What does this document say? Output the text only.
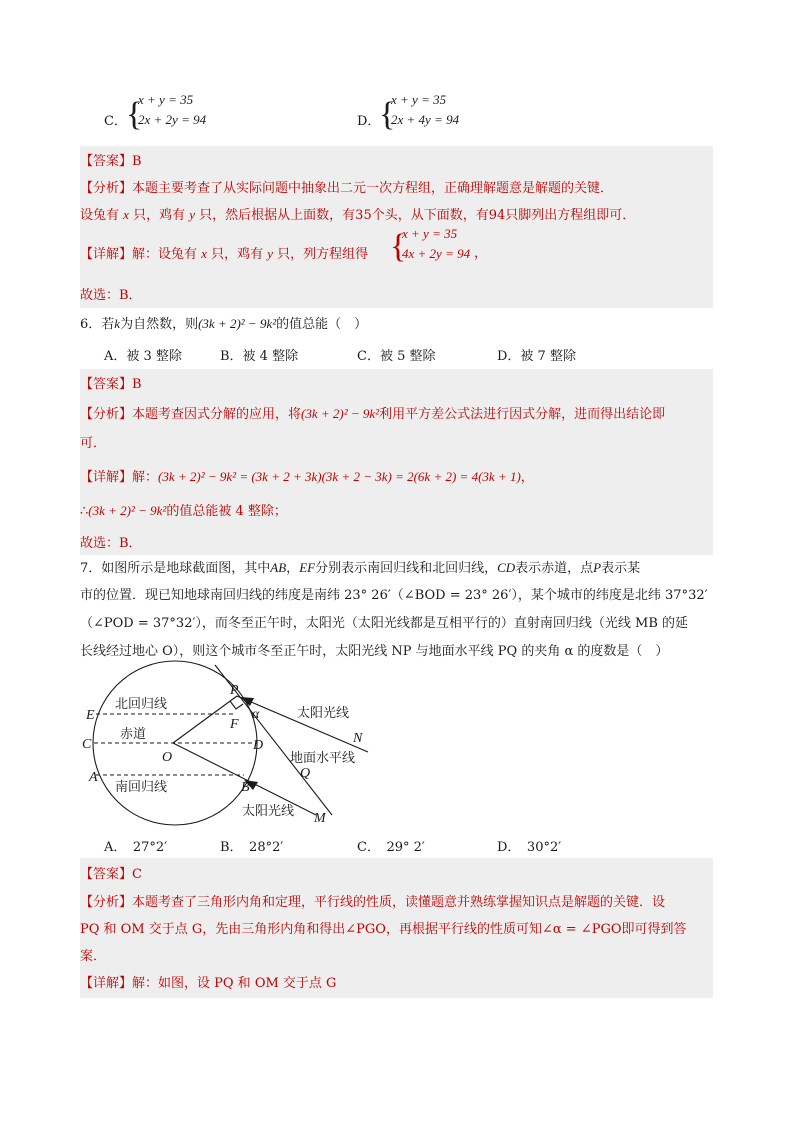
C． {
x + y = 35
2x + 2y = 94	D．
{
x + y = 35
2x + 4y = 94
【答案】B
【分析】本题主要考查了从实际问题中抽象出二元一次方程组，正确理解题意是解题的关键．
设兔有 x 只，鸡有 y 只，然后根据从上面数，有35个头，从下面数，有94只脚列出方程组即可．
【详解】解：设兔有 x 只，鸡有 y 只，列方程组得 {
x + y = 35
4x + 2y = 94 ，
故选：B．
6．若k为自然数，则(3k + 2)² − 9k²的值总能（　）
A．被 3 整除	B．被 4 整除	C．被 5 整除	D．被 7 整除
【答案】B
【分析】本题考查因式分解的应用，将(3k + 2)² − 9k²利用平方差公式法进行因式分解，进而得出结论即
可．
【详解】解：(3k + 2)² − 9k² = (3k + 2 + 3k)(3k + 2 − 3k) = 2(6k + 2) = 4(3k + 1)，
∴(3k + 2)² − 9k²的值总能被 4 整除；
故选：B．
7．如图所示是地球截面图，其中AB，EF分别表示南回归线和北回归线，CD表示赤道，点P表示某
市的位置．现已知地球南回归线的纬度是南纬 23° 26′（∠BOD = 23° 26′），某个城市的纬度是北纬 37°32′
（∠POD = 37°32′），而冬至正午时，太阳光（太阳光线都是互相平行的）直射南回归线（光线 MB 的延
长线经过地心 O），则这个城市冬至正午时，太阳光线 NP 与地面水平线 PQ 的夹角 α 的度数是（　）
P
E
C
A
F
O
D
B
Q
N
M
α
北回归线
赤道
南回归线
太阳光线
地面水平线
太阳光线
A．　27°2′	B．　28°2′	C．　29° 2′	D．　30°2′
【答案】C
【分析】本题考查了三角形内角和定理，平行线的性质，读懂题意并熟练掌握知识点是解题的关键．设
PQ 和 OM 交于点 G，先由三角形内角和得出∠PGO，再根据平行线的性质可知∠α = ∠PGO即可得到答
案．
【详解】解：如图，设 PQ 和 OM 交于点 G
